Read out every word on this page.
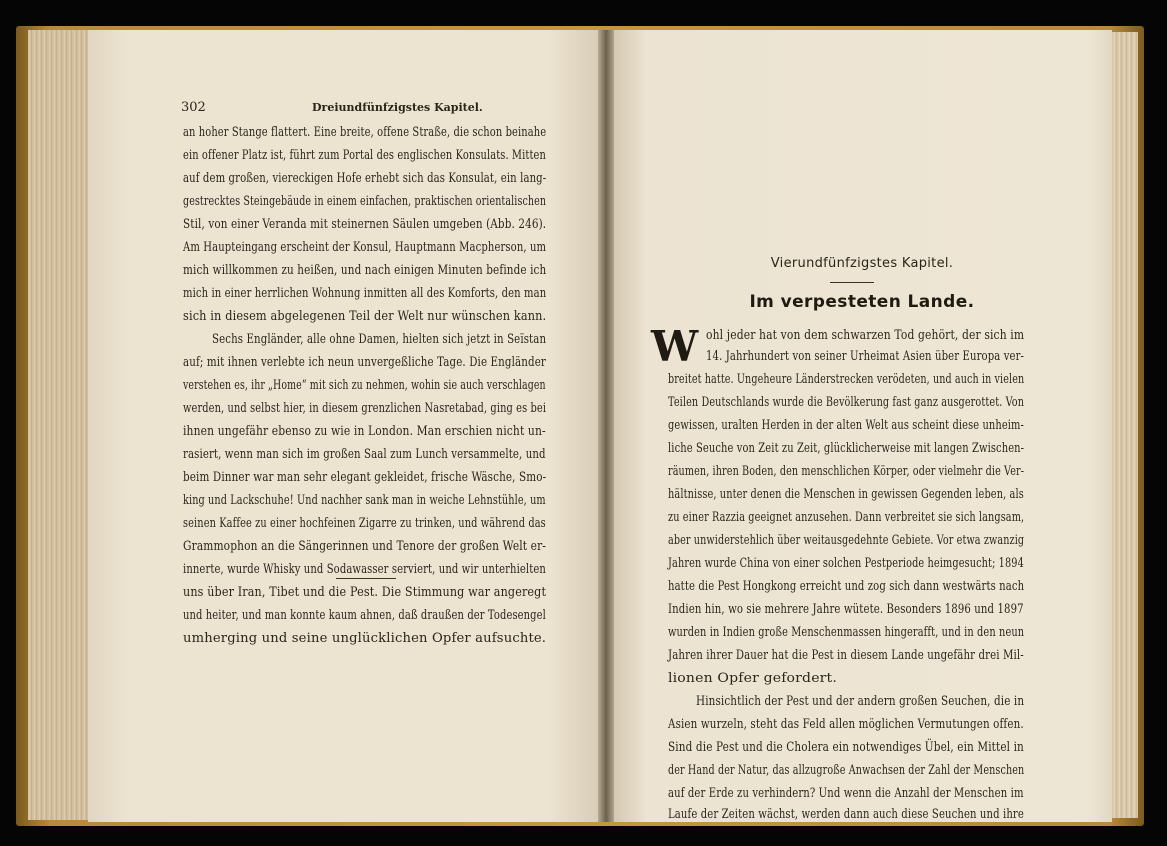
302	Dreiundfünfzigstes Kapitel.
an hoher Stange flattert. Eine breite, offene Straße, die schon beinahe
ein offener Platz ist, führt zum Portal des englischen Konsulats. Mitten
auf dem großen, viereckigen Hofe erhebt sich das Konsulat, ein lang-
gestrecktes Steingebäude in einem einfachen, praktischen orientalischen
Stil, von einer Veranda mit steinernen Säulen umgeben (Abb. 246).
Am Haupteingang erscheint der Konsul, Hauptmann Macpherson, um
mich willkommen zu heißen, und nach einigen Minuten befinde ich
mich in einer herrlichen Wohnung inmitten all des Komforts, den man
sich in diesem abgelegenen Teil der Welt nur wünschen kann.
Sechs Engländer, alle ohne Damen, hielten sich jetzt in Seïstan
auf; mit ihnen verlebte ich neun unvergeßliche Tage. Die Engländer
verstehen es, ihr „Home“ mit sich zu nehmen, wohin sie auch verschlagen
werden, und selbst hier, in diesem grenzlichen Nasretabad, ging es bei
ihnen ungefähr ebenso zu wie in London. Man erschien nicht un-
rasiert, wenn man sich im großen Saal zum Lunch versammelte, und
beim Dinner war man sehr elegant gekleidet, frische Wäsche, Smo-
king und Lackschuhe! Und nachher sank man in weiche Lehnstühle, um
seinen Kaffee zu einer hochfeinen Zigarre zu trinken, und während das
Grammophon an die Sängerinnen und Tenore der großen Welt er-
innerte, wurde Whisky und Sodawasser serviert, und wir unterhielten
uns über Iran, Tibet und die Pest. Die Stimmung war angeregt
und heiter, und man konnte kaum ahnen, daß draußen der Todesengel
umherging und seine unglücklichen Opfer aufsuchte.
Vierundfünfzigstes Kapitel.
Im verpesteten Lande.
W ohl jeder hat von dem schwarzen Tod gehört, der sich im
14. Jahrhundert von seiner Urheimat Asien über Europa ver-
breitet hatte. Ungeheure Länderstrecken verödeten, und auch in vielen
Teilen Deutschlands wurde die Bevölkerung fast ganz ausgerottet. Von
gewissen, uralten Herden in der alten Welt aus scheint diese unheim-
liche Seuche von Zeit zu Zeit, glücklicherweise mit langen Zwischen-
räumen, ihren Boden, den menschlichen Körper, oder vielmehr die Ver-
hältnisse, unter denen die Menschen in gewissen Gegenden leben, als
zu einer Razzia geeignet anzusehen. Dann verbreitet sie sich langsam,
aber unwiderstehlich über weitausgedehnte Gebiete. Vor etwa zwanzig
Jahren wurde China von einer solchen Pestperiode heimgesucht; 1894
hatte die Pest Hongkong erreicht und zog sich dann westwärts nach
Indien hin, wo sie mehrere Jahre wütete. Besonders 1896 und 1897
wurden in Indien große Menschenmassen hingerafft, und in den neun
Jahren ihrer Dauer hat die Pest in diesem Lande ungefähr drei Mil-
lionen Opfer gefordert.
Hinsichtlich der Pest und der andern großen Seuchen, die in
Asien wurzeln, steht das Feld allen möglichen Vermutungen offen.
Sind die Pest und die Cholera ein notwendiges Übel, ein Mittel in
der Hand der Natur, das allzugroße Anwachsen der Zahl der Menschen
auf der Erde zu verhindern? Und wenn die Anzahl der Menschen im
Laufe der Zeiten wächst, werden dann auch diese Seuchen und ihre
